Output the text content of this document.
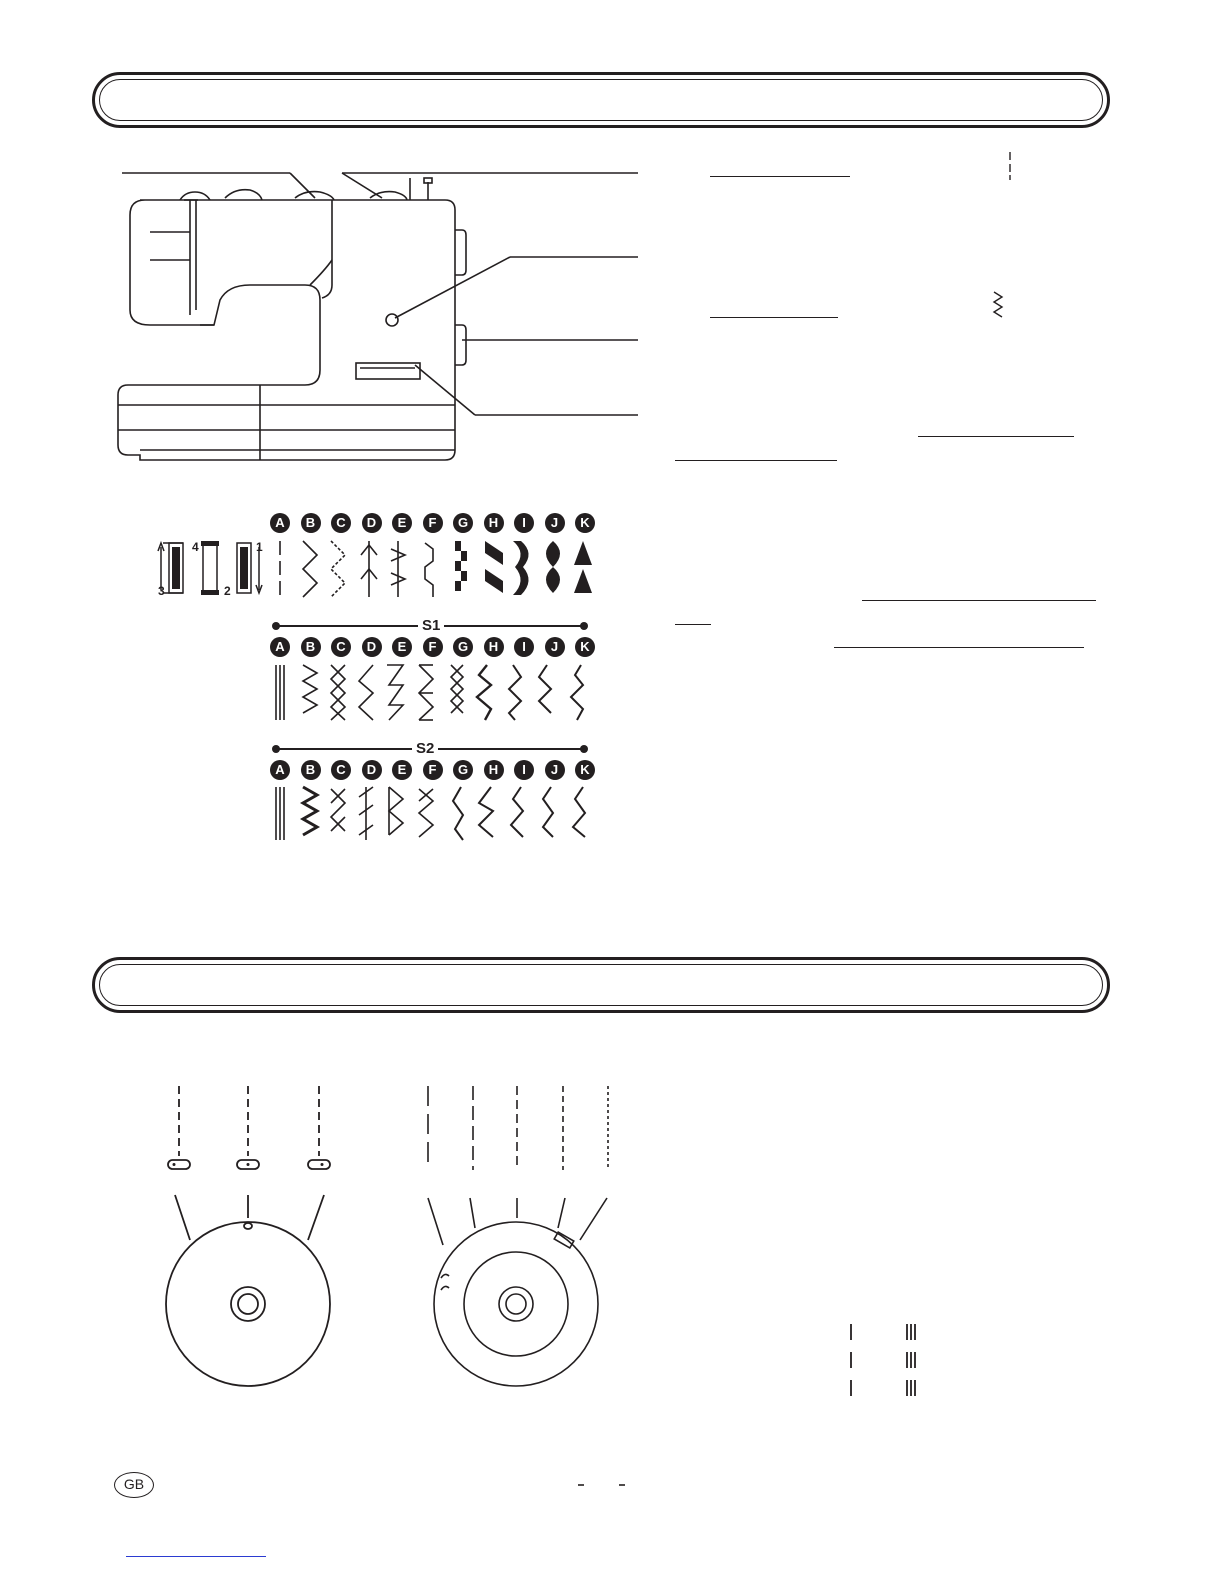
1
2
3
4
A	B	C	D	E	F	G	H	I	J	K
A	B	C	D	E	F	G	H	I	J	K
A	B	C	D	E	F	G	H	I	J	K
S1
S2
GB
